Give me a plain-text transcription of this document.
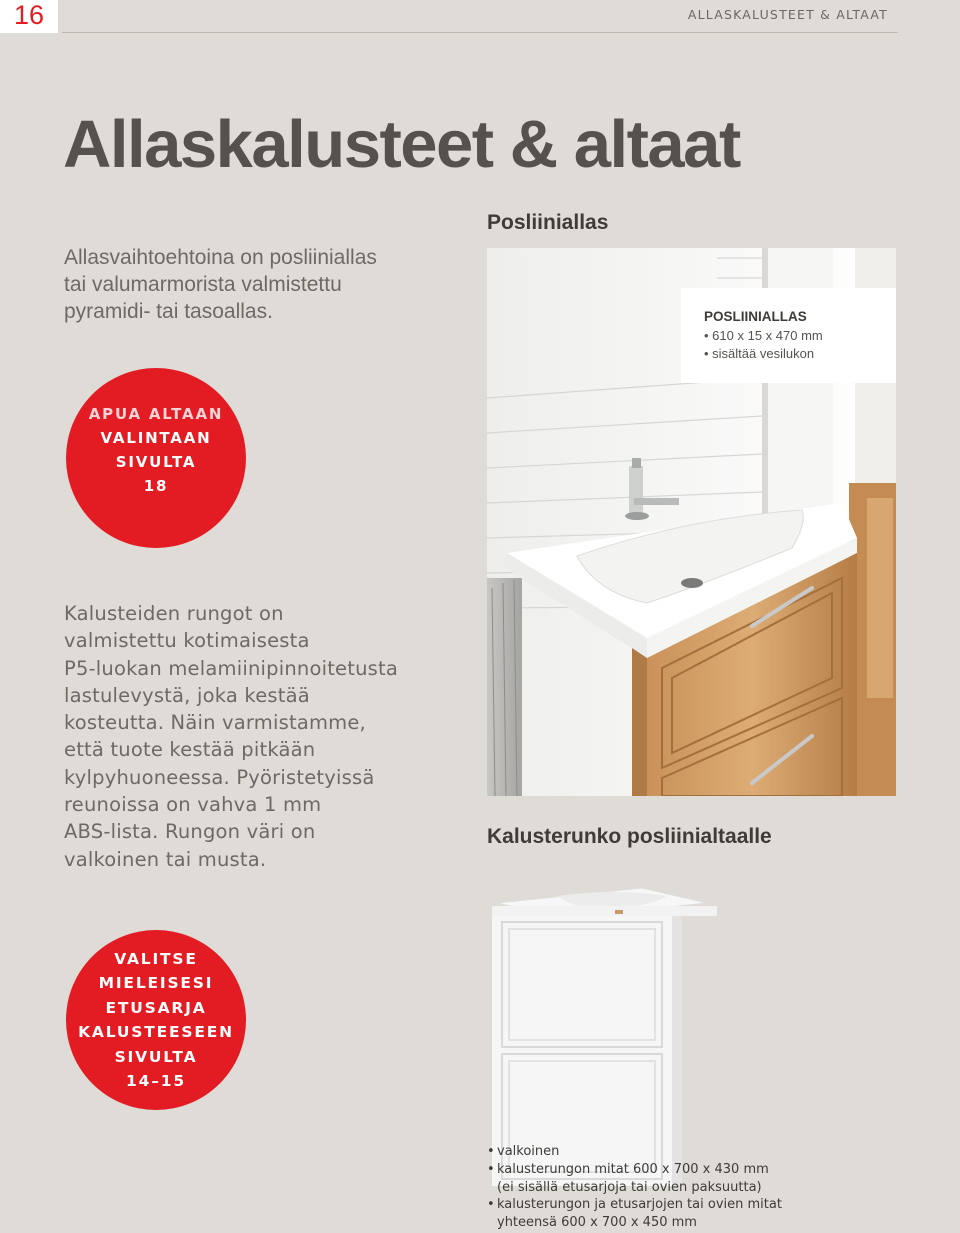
16	ALLASKALUSTEET & ALTAAT
Allaskalusteet & altaat

Allasvaihtoehtoina on posliiniallas
tai valumarmorista valmistettu
pyramidi- tai tasoallas.

APUA ALTAAN
VALINTAAN
SIVULTA
18

Kalusteiden rungot on
valmistettu kotimaisesta
P5-luokan melamiinipinnoitetusta
lastulevystä, joka kestää
kosteutta. Näin varmistamme,
että tuote kestää pitkään
kylpyhuoneessa. Pyöristetyissä
reunoissa on vahva 1 mm
ABS-lista. Rungon väri on
valkoinen tai musta.

VALITSE
MIELEISESI
ETUSARJA
KALUSTEESEEN
SIVULTA
14–15
Posliiniallas
POSLIINIALLAS
• 610 x 15 x 470 mm
• sisältää vesilukon
Kalusterunko posliinialtaalle
• valkoinen
• kalusterungon mitat 600 x 700 x 430 mm
(ei sisällä etusarjoja tai ovien paksuutta)
• kalusterungon ja etusarjojen tai ovien mitat
yhteensä 600 x 700 x 450 mm
